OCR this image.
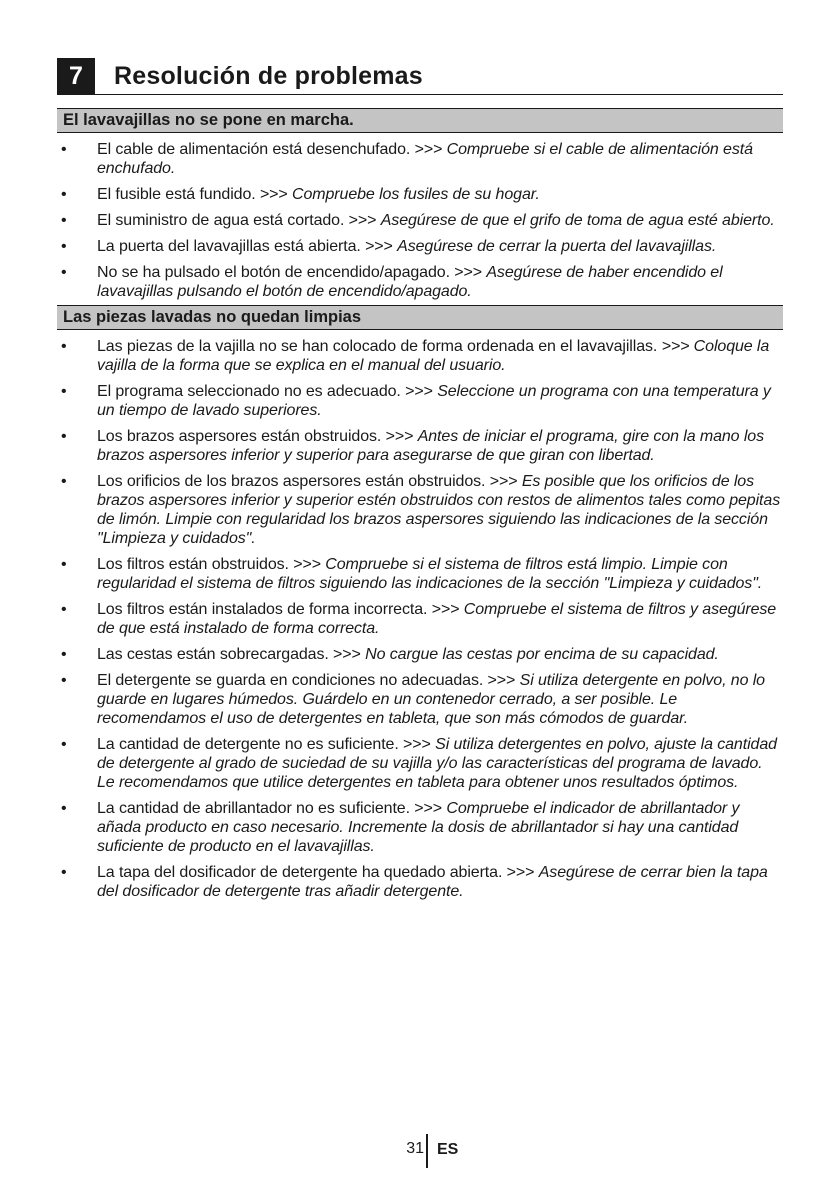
7	Resolución de problemas
El lavavajillas no se pone en marcha.
• El cable de alimentación está desenchufado. >>> Compruebe si el cable de alimentación está enchufado.
• El fusible está fundido. >>> Compruebe los fusiles de su hogar.
• El suministro de agua está cortado. >>> Asegúrese de que el grifo de toma de agua esté abierto.
• La puerta del lavavajillas está abierta. >>> Asegúrese de cerrar la puerta del lavavajillas.
• No se ha pulsado el botón de encendido/apagado. >>> Asegúrese de haber encendido el lavavajillas pulsando el botón de encendido/apagado.
Las piezas lavadas no quedan limpias
• Las piezas de la vajilla no se han colocado de forma ordenada en el lavavajillas. >>> Coloque la vajilla de la forma que se explica en el manual del usuario.
• El programa seleccionado no es adecuado. >>> Seleccione un programa con una temperatura y un tiempo de lavado superiores.
• Los brazos aspersores están obstruidos. >>> Antes de iniciar el programa, gire con la mano los brazos aspersores inferior y superior para asegurarse de que giran con libertad.
• Los orificios de los brazos aspersores están obstruidos. >>> Es posible que los orificios de los brazos aspersores inferior y superior estén obstruidos con restos de alimentos tales como pepitas de limón. Limpie con regularidad los brazos aspersores siguiendo las indicaciones de la sección "Limpieza y cuidados".
• Los filtros están obstruidos. >>> Compruebe si el sistema de filtros está limpio. Limpie con regularidad el sistema de filtros siguiendo las indicaciones de la sección "Limpieza y cuidados".
• Los filtros están instalados de forma incorrecta. >>> Compruebe el sistema de filtros y asegúrese de que está instalado de forma correcta.
• Las cestas están sobrecargadas. >>> No cargue las cestas por encima de su capacidad.
• El detergente se guarda en condiciones no adecuadas. >>> Si utiliza detergente en polvo, no lo guarde en lugares húmedos. Guárdelo en un contenedor cerrado, a ser posible. Le recomendamos el uso de detergentes en tableta, que son más cómodos de guardar.
• La cantidad de detergente no es suficiente. >>> Si utiliza detergentes en polvo, ajuste la cantidad de detergente al grado de suciedad de su vajilla y/o las características del programa de lavado. Le recomendamos que utilice detergentes en tableta para obtener unos resultados óptimos.
• La cantidad de abrillantador no es suficiente. >>> Compruebe el indicador de abrillantador y añada producto en caso necesario. Incremente la dosis de abrillantador si hay una cantidad suficiente de producto en el lavavajillas.
• La tapa del dosificador de detergente ha quedado abierta. >>> Asegúrese de cerrar bien la tapa del dosificador de detergente tras añadir detergente.
31 ES
